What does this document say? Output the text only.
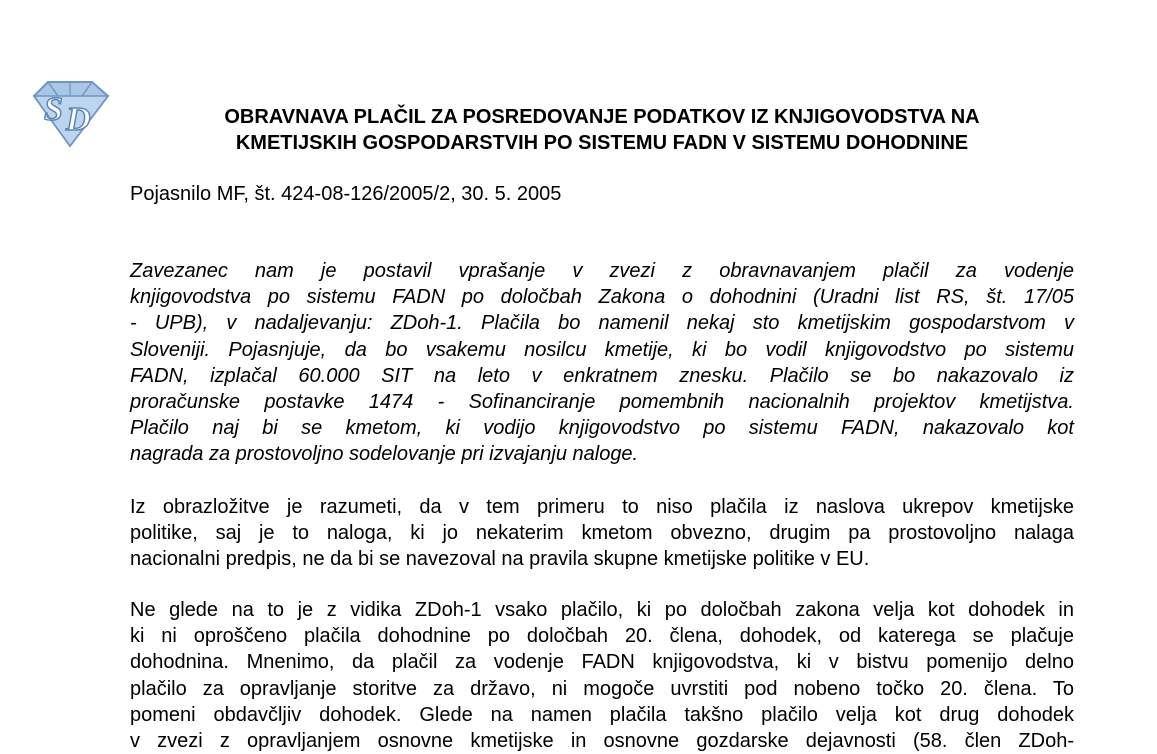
S D	OBRAVNAVA PLAČIL ZA POSREDOVANJE PODATKOV IZ KNJIGOVODSTVA NA
KMETIJSKIH GOSPODARSTVIH PO SISTEMU FADN V SISTEMU DOHODNINE
Pojasnilo MF, št. 424-08-126/2005/2, 30. 5. 2005
Zavezanec nam je postavil vprašanje v zvezi z obravnavanjem plačil za vodenje
knjigovodstva po sistemu FADN po določbah Zakona o dohodnini (Uradni list RS, št. 17/05
- UPB), v nadaljevanju: ZDoh-1. Plačila bo namenil nekaj sto kmetijskim gospodarstvom v
Sloveniji. Pojasnjuje, da bo vsakemu nosilcu kmetije, ki bo vodil knjigovodstvo po sistemu
FADN, izplačal 60.000 SIT na leto v enkratnem znesku. Plačilo se bo nakazovalo iz
proračunske postavke 1474 - Sofinanciranje pomembnih nacionalnih projektov kmetijstva.
Plačilo naj bi se kmetom, ki vodijo knjigovodstvo po sistemu FADN, nakazovalo kot
nagrada za prostovoljno sodelovanje pri izvajanju naloge.
Iz obrazložitve je razumeti, da v tem primeru to niso plačila iz naslova ukrepov kmetijske
politike, saj je to naloga, ki jo nekaterim kmetom obvezno, drugim pa prostovoljno nalaga
nacionalni predpis, ne da bi se navezoval na pravila skupne kmetijske politike v EU.
Ne glede na to je z vidika ZDoh-1 vsako plačilo, ki po določbah zakona velja kot dohodek in
ki ni oproščeno plačila dohodnine po določbah 20. člena, dohodek, od katerega se plačuje
dohodnina. Mnenimo, da plačil za vodenje FADN knjigovodstva, ki v bistvu pomenijo delno
plačilo za opravljanje storitve za državo, ni mogoče uvrstiti pod nobeno točko 20. člena. To
pomeni obdavčljiv dohodek. Glede na namen plačila takšno plačilo velja kot drug dohodek
v zvezi z opravljanjem osnovne kmetijske in osnovne gozdarske dejavnosti (58. člen ZDoh-
